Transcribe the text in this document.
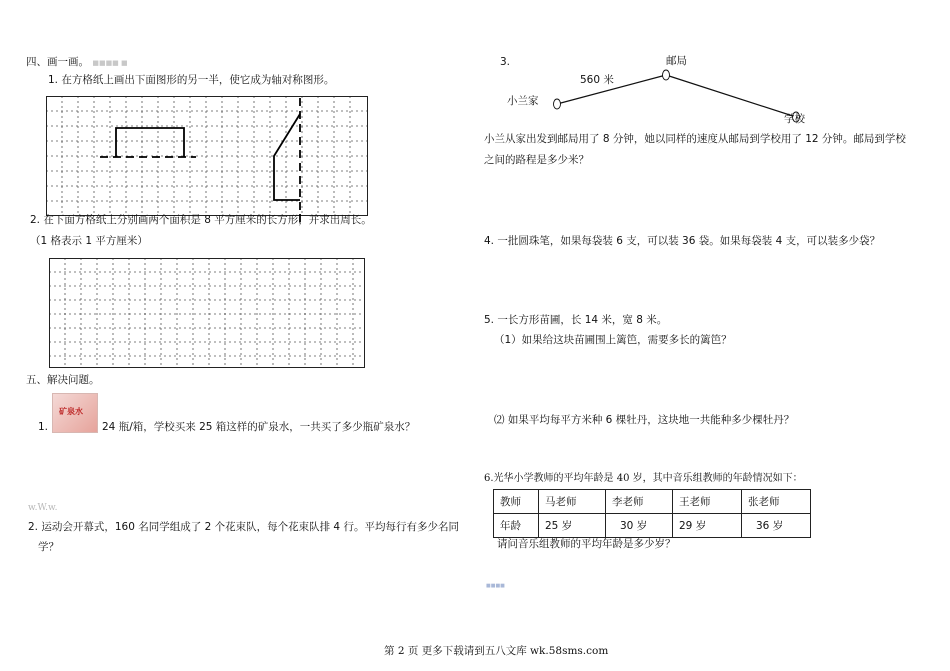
四、画一画。 ■■■■ ■
1. 在方格纸上画出下面图形的另一半，使它成为轴对称图形。
2. 在下面方格纸上分别画两个面积是 8 平方厘米的长方形，并求出周长。
（1 格表示 1 平方厘米）
五、解决问题。
1.
矿泉水
24 瓶/箱，学校买来 25 箱这样的矿泉水，一共买了多少瓶矿泉水？
w.W.w.
2. 运动会开幕式，160 名同学组成了 2 个花束队，每个花束队排 4 行。平均每行有多少名同
学？
3.	邮局
560 米
小兰家
学校
小兰从家出发到邮局用了 8 分钟，她以同样的速度从邮局到学校用了 12 分钟。邮局到学校
之间的路程是多少米？
4. 一批圆珠笔，如果每袋装 6 支，可以装 36 袋。如果每袋装 4 支，可以装多少袋？
5. 一长方形苗圃，长 14 米，宽 8 米。
（1）如果给这块苗圃围上篱笆，需要多长的篱笆？
⑵ 如果平均每平方米种 6 棵牡丹，这块地一共能种多少棵牡丹？
6.光华小学教师的平均年龄是 40 岁，其中音乐组教师的年龄情况如下：
教师	马老师	李老师	王老师	张老师
年龄	25 岁	30 岁	29 岁	36 岁
请问音乐组教师的平均年龄是多少岁？
■■■■
第 2 页 更多下载请到五八文库 wk.58sms.com
